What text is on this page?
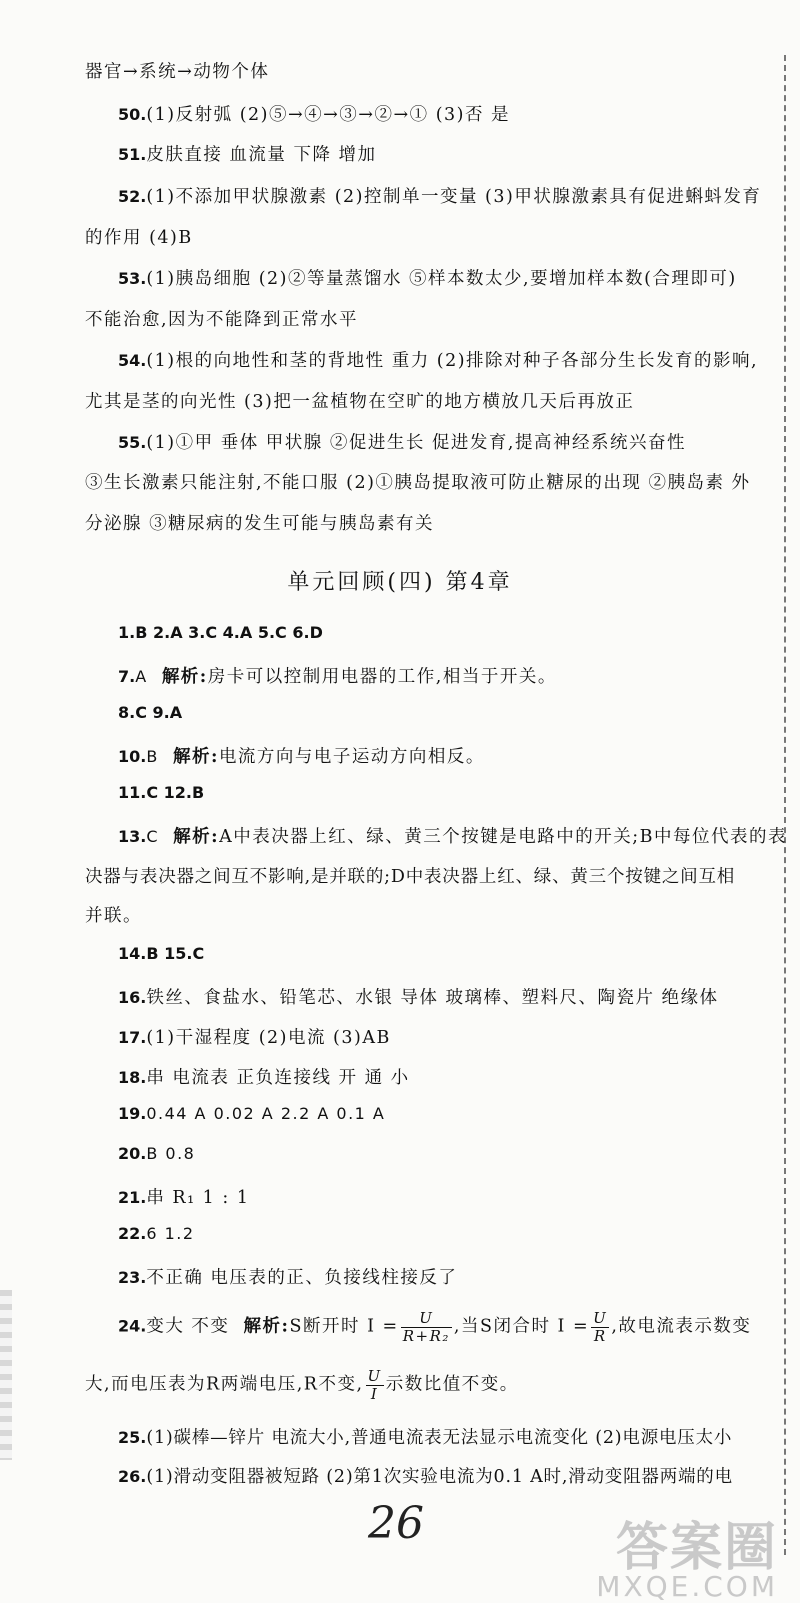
器官→系统→动物个体
50.(1)反射弧 (2)⑤→④→③→②→① (3)否 是
51.皮肤直接 血流量 下降 增加
52.(1)不添加甲状腺激素 (2)控制单一变量 (3)甲状腺激素具有促进蝌蚪发育
的作用 (4)B
53.(1)胰岛细胞 (2)②等量蒸馏水 ⑤样本数太少,要增加样本数(合理即可)
不能治愈,因为不能降到正常水平
54.(1)根的向地性和茎的背地性 重力 (2)排除对种子各部分生长发育的影响,
尤其是茎的向光性 (3)把一盆植物在空旷的地方横放几天后再放正
55.(1)①甲 垂体 甲状腺 ②促进生长 促进发育,提高神经系统兴奋性
③生长激素只能注射,不能口服 (2)①胰岛提取液可防止糖尿的出现 ②胰岛素 外
分泌腺 ③糖尿病的发生可能与胰岛素有关
单元回顾(四) 第4章
1.B 2.A 3.C 4.A 5.C 6.D
7.A 解析:房卡可以控制用电器的工作,相当于开关。
8.C 9.A
10.B 解析:电流方向与电子运动方向相反。
11.C 12.B
13.C 解析:A中表决器上红、绿、黄三个按键是电路中的开关;B中每位代表的表
决器与表决器之间互不影响,是并联的;D中表决器上红、绿、黄三个按键之间互相
并联。
14.B 15.C
16.铁丝、食盐水、铅笔芯、水银 导体 玻璃棒、塑料尺、陶瓷片 绝缘体
17.(1)干湿程度 (2)电流 (3)AB
18.串 电流表 正负连接线 开 通 小
19.0.44 A 0.02 A 2.2 A 0.1 A
20.B 0.8
21.串 R₁ 1 : 1
22.6 1.2
23.不正确 电压表的正、负接线柱接反了
24.变大 不变 解析:S断开时 $I = \frac{U}{\text{R+R₂}}$ ,当S闭合时 $I = \frac{U}{R}$ ,故电流表示数变
大,而电压表为R两端电压,R不变, $\frac{U}{I}$ 示数比值不变。
25.(1)碳棒—锌片 电流大小,普通电流表无法显示电流变化 (2)电源电压太小
26.(1)滑动变阻器被短路 (2)第1次实验电流为0.1 A时,滑动变阻器两端的电
26	答案圈
MXQE.COM
